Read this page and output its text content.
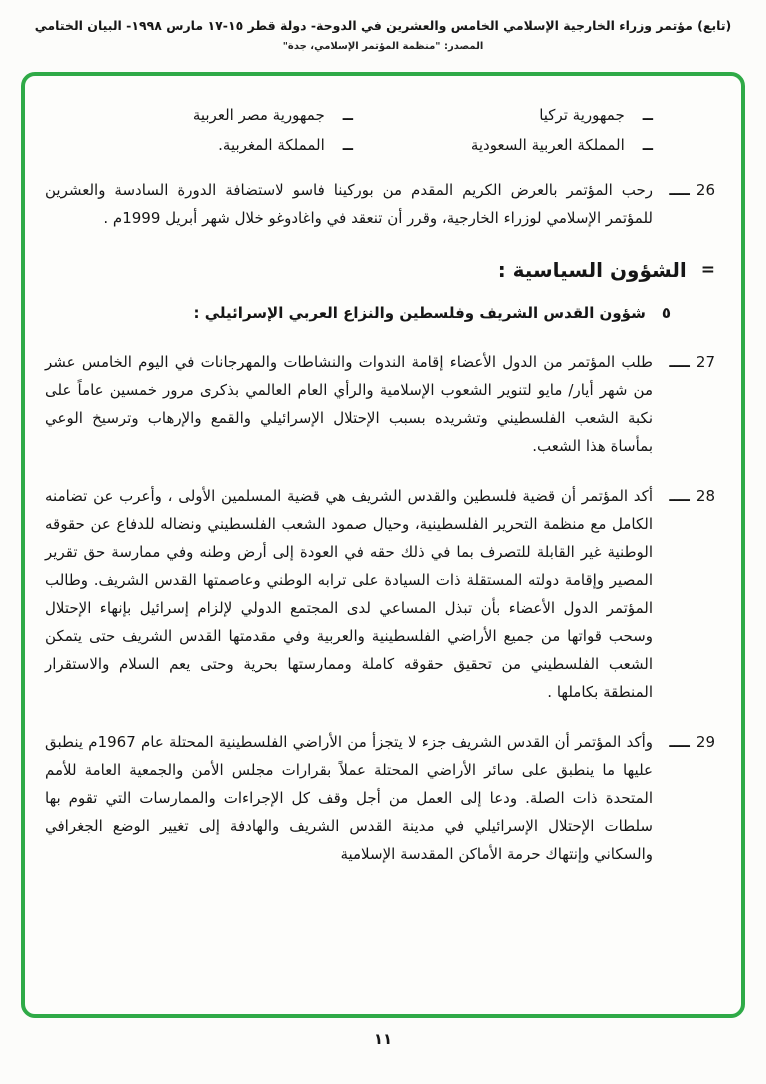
(تابع) مؤتمر وزراء الخارجية الإسلامي الخامس والعشرين في الدوحة- دولة قطر ١٥-١٧ مارس ١٩٩٨- البيان الختامي
المصدر: "منظمة المؤتمر الإسلامي، جدة"
ــ
جمهورية تركيا
ــ
جمهورية مصر العربية
ــ
المملكة العربية السعودية
ــ
المملكة المغربية.
26
ــــ
رحب المؤتمر بالعرض الكريم المقدم من بوركينا فاسو لاستضافة الدورة السادسة والعشرين للمؤتمر الإسلامي لوزراء الخارجية، وقرر أن تنعقد في واغادوغو خلال شهر أبريل 1999م .
=
الشؤون السياسية :
٥
شؤون القدس الشريف وفلسطين والنزاع العربي الإسرائيلي :
27
ــــ
طلب المؤتمر من الدول الأعضاء إقامة الندوات والنشاطات والمهرجانات في اليوم الخامس عشر من شهر أيار/ مايو لتنوير الشعوب الإسلامية والرأي العام العالمي بذكرى مرور خمسين عاماً على نكبة الشعب الفلسطيني وتشريده بسبب الإحتلال الإسرائيلي والقمع والإرهاب وترسيخ الوعي بمأساة هذا الشعب.
28
ــــ
أكد المؤتمر أن قضية فلسطين والقدس الشريف هي قضية المسلمين الأولى ، وأعرب عن تضامنه الكامل مع منظمة التحرير الفلسطينية، وحيال صمود الشعب الفلسطيني ونضاله للدفاع عن حقوقه الوطنية غير القابلة للتصرف بما في ذلك حقه في العودة إلى أرض وطنه وفي ممارسة حق تقرير المصير وإقامة دولته المستقلة ذات السيادة على ترابه الوطني وعاصمتها القدس الشريف. وطالب المؤتمر الدول الأعضاء بأن تبذل المساعي لدى المجتمع الدولي لإلزام إسرائيل بإنهاء الإحتلال وسحب قواتها من جميع الأراضي الفلسطينية والعربية وفي مقدمتها القدس الشريف حتى يتمكن الشعب الفلسطيني من تحقيق حقوقه كاملة وممارستها بحرية وحتى يعم السلام والاستقرار المنطقة بكاملها .
29
ــــ
وأكد المؤتمر أن القدس الشريف جزء لا يتجزأ من الأراضي الفلسطينية المحتلة عام 1967م ينطبق عليها ما ينطبق على سائر الأراضي المحتلة عملاً بقرارات مجلس الأمن والجمعية العامة للأمم المتحدة ذات الصلة. ودعا إلى العمل من أجل وقف كل الإجراءات والممارسات التي تقوم بها سلطات الإحتلال الإسرائيلي في مدينة القدس الشريف والهادفة إلى تغيير الوضع الجغرافي والسكاني وإنتهاك حرمة الأماكن المقدسة الإسلامية
١١
